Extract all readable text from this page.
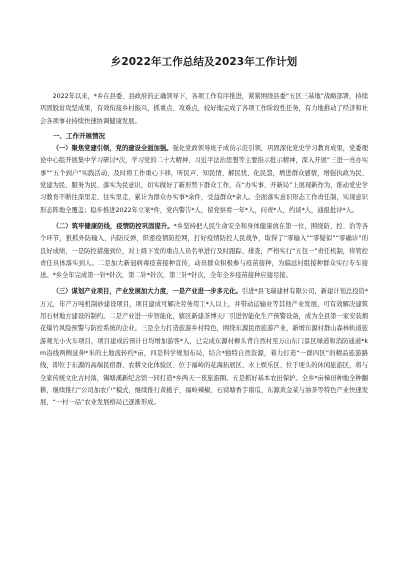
乡2022年工作总结及2023年工作计划

2022年以来，*乡在县委、县政府的正确领导下，各项工作有序推进，紧紧围绕县委“五区三基地”战略部署，持续巩固脱贫攻坚成果，有效衔接乡村振兴，抓重点、攻难点，较好地完成了各项工作阶段性任务，有力地推动了经济和社会各项事业持续快速协调健康发展。

一、工作开展情况

（一）聚焦党建引领，党的建设全面加强。强化党政领导班子成员示范引领，巩固深化党史学习教育成果，党委理论中心组开展集中学习研讨*次，学习党的二十大精神、习近平法治思想等主要指示批示精神，深入开展“三进一亮办实事”“五个到户”实践活动，及时将工作重心下移，听民声、知民情、解民忧、化民怨，增进群众感情，增强执政为民、党建为民、服务为民、落实为民意识，切实做好了新形势下群众工作，在“办实事、开新局”上展现新作为，推动党史学习教育不断往深里走、往实里走，累计为群众办实事*余件，受益群众*余人。全面落实意识形态工作责任制，实现意识形态阵地全覆盖；稳步推进2022年立案*件，党内警告*人，留党察看一年*人，问责*人，约谈*人，通报批评*人。

（二）筑牢健康防线，疫情防控巩固提升。*乡坚持把人民生命安全和身体健康放在第一位，围绕防、控、治等各个环节，狠抓外防输入、内防反弹，织密疫情防控网，打好疫情防控人民战争，取得了“零输入”“零疑似”“零确诊”的良好成绩，一是防控措施到位，对上级下发的重点人员名单进行及时跟踪、排查，严格实行“五包一”责任机制，将管控责任具体落实到人。二是加大新冠病毒疫苗接种宣传，动员群众积极参与疫苗接种，为偏远村组接种群众实行专车接送。*乡全年完成第一针*针次，第二针*针次，第三针*针次，全年全乡疫苗接种应接尽接。

（三）谋划产业项目，产业发展加大力度，一是产业进一步多元化。引进*县飞瑞建材有限公司，新建计划总投资*万元，年产万吨机制砂建设项目，项目建成可解决劳务用工*人以上，并带动运输业等其他产业发展，可有效解决建筑用石材地方建设的制约。二是产业进一步智能化，辖区新建茶博天厂引进智能化生产预警设备，成为全县第一家安装烟花爆竹风险预警与防控系统的企业。三是全力打造旅游乡村特色，围绕东源民宿旅游产业，新增东源村群山森林轨道旅游观光小火车项目，项目建成后预计日均增加游客*人，已完成东源村柳头背自然村至万山东门景区绿道和消防通道*km沿线两侧延伸*米的土地流转约*亩，四是科学规划布局，结合*独特自然资源，着力打造“一群四区”的精品旅游路线，即位于东源的高端民宿群、农耕文化体验区、位于福岭的花海拓展区、水上娱乐区、位于埂头的休闲旅游区，将与全家传统文化古村落，锡塘溪新纪念馆一同打造*乡两天一夜旅游圈。五是抓好基本农田保护。全乡*亩梯田种地全种翻耕，继续推行“公司加农户”模式，继续推行黄栀子、福岭辣椒、石窝塘香芋南瓜、东源黄金菜与油茶等特色产业快速发展，“一村一品”农业发展格局已逐渐形成。
